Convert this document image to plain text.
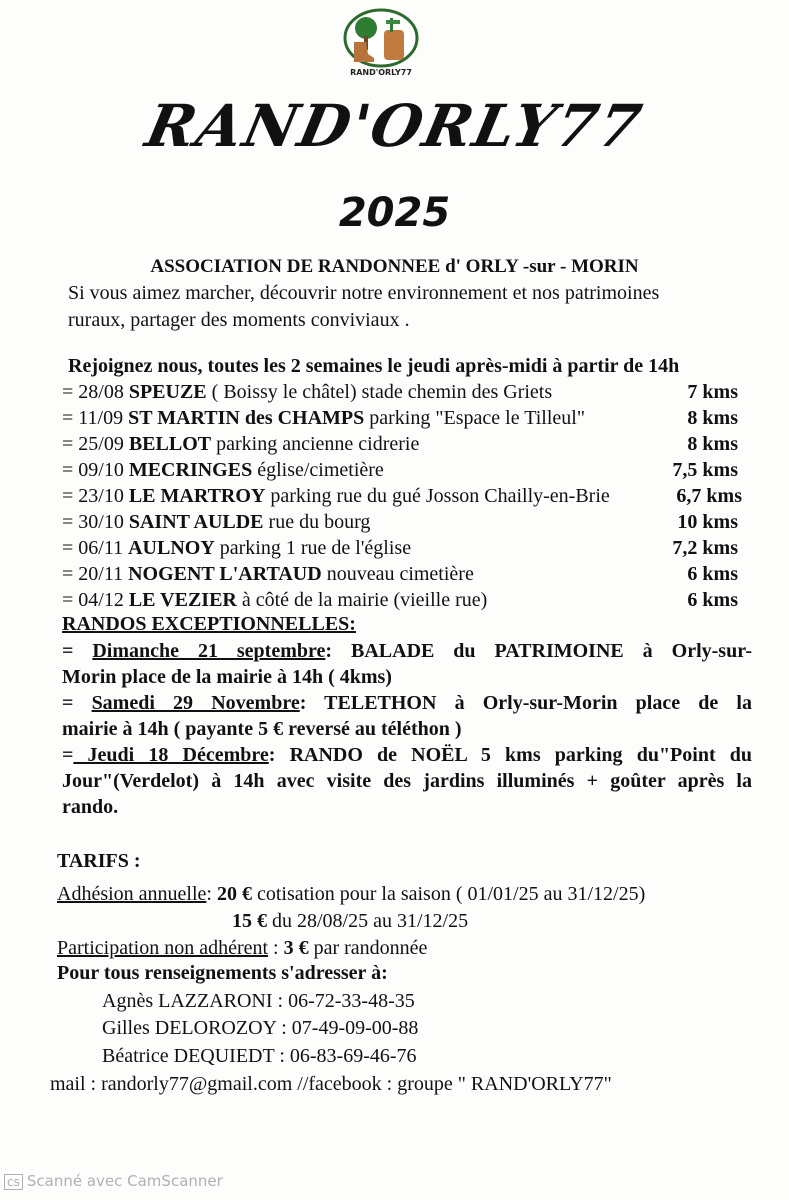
RAND'ORLY77
RAND'ORLY77
2025
ASSOCIATION DE RANDONNEE d' ORLY -sur - MORIN
Si vous aimez marcher, découvrir notre environnement et nos patrimoines
ruraux, partager des moments conviviaux .
Rejoignez nous, toutes les 2 semaines le jeudi après-midi à partir de 14h
= 28/08 SPEUZE ( Boissy le châtel) stade chemin des Griets	7 kms
= 11/09 ST MARTIN des CHAMPS parking "Espace le Tilleul"	8 kms
= 25/09 BELLOT parking ancienne cidrerie	8 kms
= 09/10 MECRINGES église/cimetière	7,5 kms
= 23/10 LE MARTROY parking rue du gué Josson Chailly-en-Brie	6,7 kms
= 30/10 SAINT AULDE rue du bourg	10 kms
= 06/11 AULNOY parking 1 rue de l'église	7,2 kms
= 20/11 NOGENT L'ARTAUD nouveau cimetière	6 kms
= 04/12 LE VEZIER à côté de la mairie (vieille rue)	6 kms
RANDOS EXCEPTIONNELLES:
= Dimanche 21 septembre: BALADE du PATRIMOINE à Orly-sur-
Morin place de la mairie à 14h ( 4kms)
= Samedi 29 Novembre: TELETHON à Orly-sur-Morin place de la
mairie à 14h ( payante 5 € reversé au téléthon )
= Jeudi 18 Décembre: RANDO de NOËL 5 kms parking du"Point du
Jour"(Verdelot) à 14h avec visite des jardins illuminés + goûter après la
rando.
TARIFS :
Adhésion annuelle: 20 € cotisation pour la saison ( 01/01/25 au 31/12/25)
15 € du 28/08/25 au 31/12/25
Participation non adhérent : 3 € par randonnée
Pour tous renseignements s'adresser à:
Agnès LAZZARONI : 06-72-33-48-35
Gilles DELOROZOY : 07-49-09-00-88
Béatrice DEQUIEDT : 06-83-69-46-76
mail : randorly77@gmail.com //facebook : groupe " RAND'ORLY77"
cs Scanné avec CamScanner
